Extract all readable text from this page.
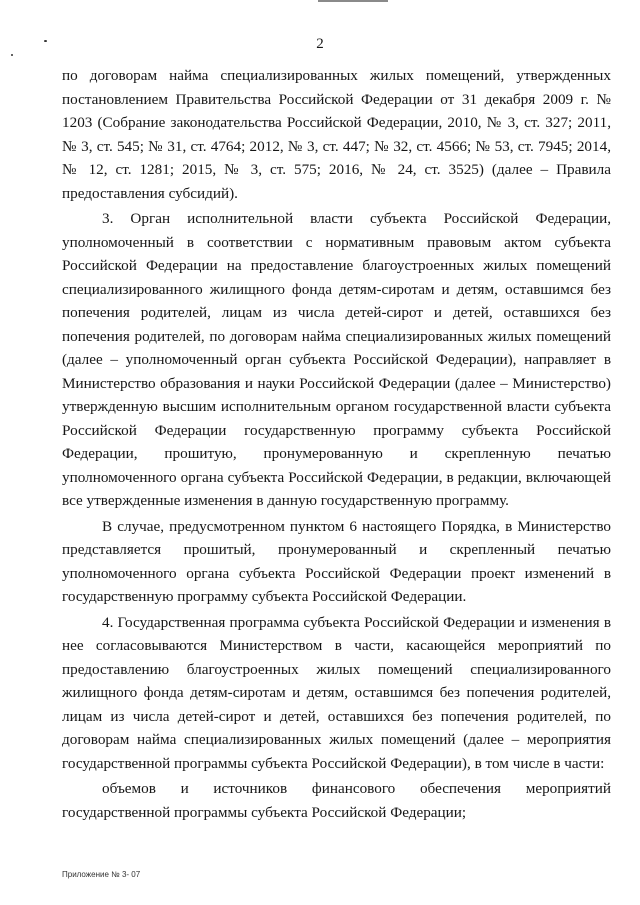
2

по договорам найма специализированных жилых помещений, утвержденных постановлением Правительства Российской Федерации от 31 декабря 2009 г. № 1203 (Собрание законодательства Российской Федерации, 2010, № 3, ст. 327; 2011, № 3, ст. 545; № 31, ст. 4764; 2012, № 3, ст. 447; № 32, ст. 4566; № 53, ст. 7945; 2014, № 12, ст. 1281; 2015, № 3, ст. 575; 2016, № 24, ст. 3525) (далее – Правила предоставления субсидий).

3. Орган исполнительной власти субъекта Российской Федерации, уполномоченный в соответствии с нормативным правовым актом субъекта Российской Федерации на предоставление благоустроенных жилых помещений специализированного жилищного фонда детям-сиротам и детям, оставшимся без попечения родителей, лицам из числа детей-сирот и детей, оставшихся без попечения родителей, по договорам найма специализированных жилых помещений (далее – уполномоченный орган субъекта Российской Федерации), направляет в Министерство образования и науки Российской Федерации (далее – Министерство) утвержденную высшим исполнительным органом государственной власти субъекта Российской Федерации государственную программу субъекта Российской Федерации, прошитую, пронумерованную и скрепленную печатью уполномоченного органа субъекта Российской Федерации, в редакции, включающей все утвержденные изменения в данную государственную программу.

В случае, предусмотренном пунктом 6 настоящего Порядка, в Министерство представляется прошитый, пронумерованный и скрепленный печатью уполномоченного органа субъекта Российской Федерации проект изменений в государственную программу субъекта Российской Федерации.

4. Государственная программа субъекта Российской Федерации и изменения в нее согласовываются Министерством в части, касающейся мероприятий по предоставлению благоустроенных жилых помещений специализированного жилищного фонда детям-сиротам и детям, оставшимся без попечения родителей, лицам из числа детей-сирот и детей, оставшихся без попечения родителей, по договорам найма специализированных жилых помещений (далее – мероприятия государственной программы субъекта Российской Федерации), в том числе в части:

объемов и источников финансового обеспечения мероприятий государственной программы субъекта Российской Федерации;

Приложение № 3- 07
